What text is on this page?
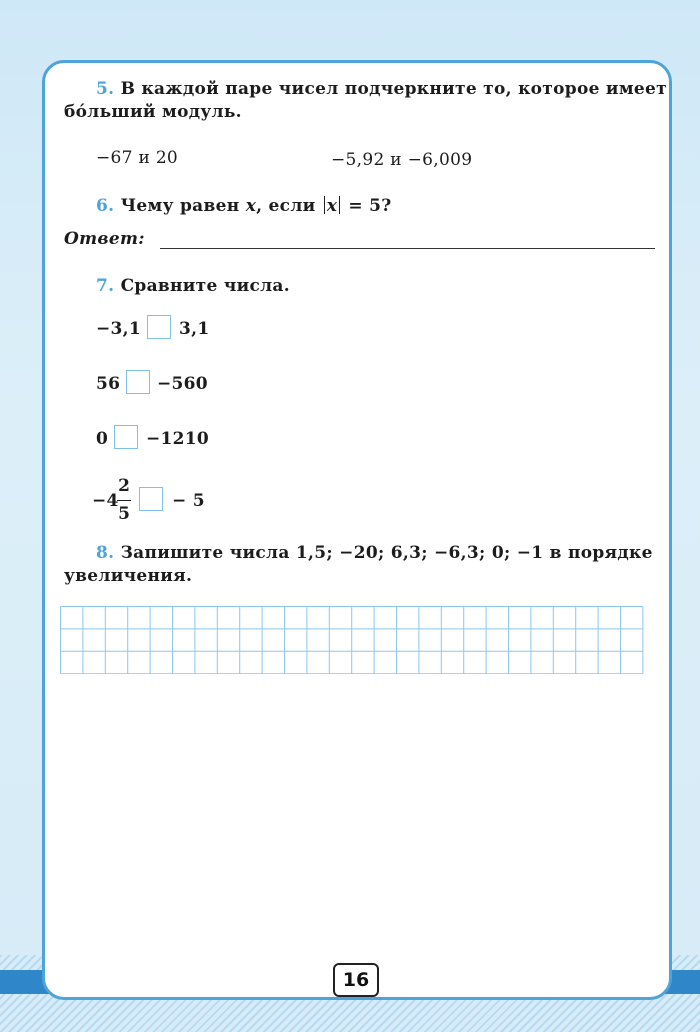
5. В каждой паре чисел подчеркните то, которое имеет
бо́льший модуль.
−67 и 20	−5,92 и −6,009
6. Чему равен x, если x = 5?
Ответ:
7. Сравните числа.
−3,1 3,1
56 −560
0 −1210
−4
2
5
− 5
8. Запишите числа 1,5; −20; 6,3; −6,3; 0; −1 в порядке
увеличения.
16
